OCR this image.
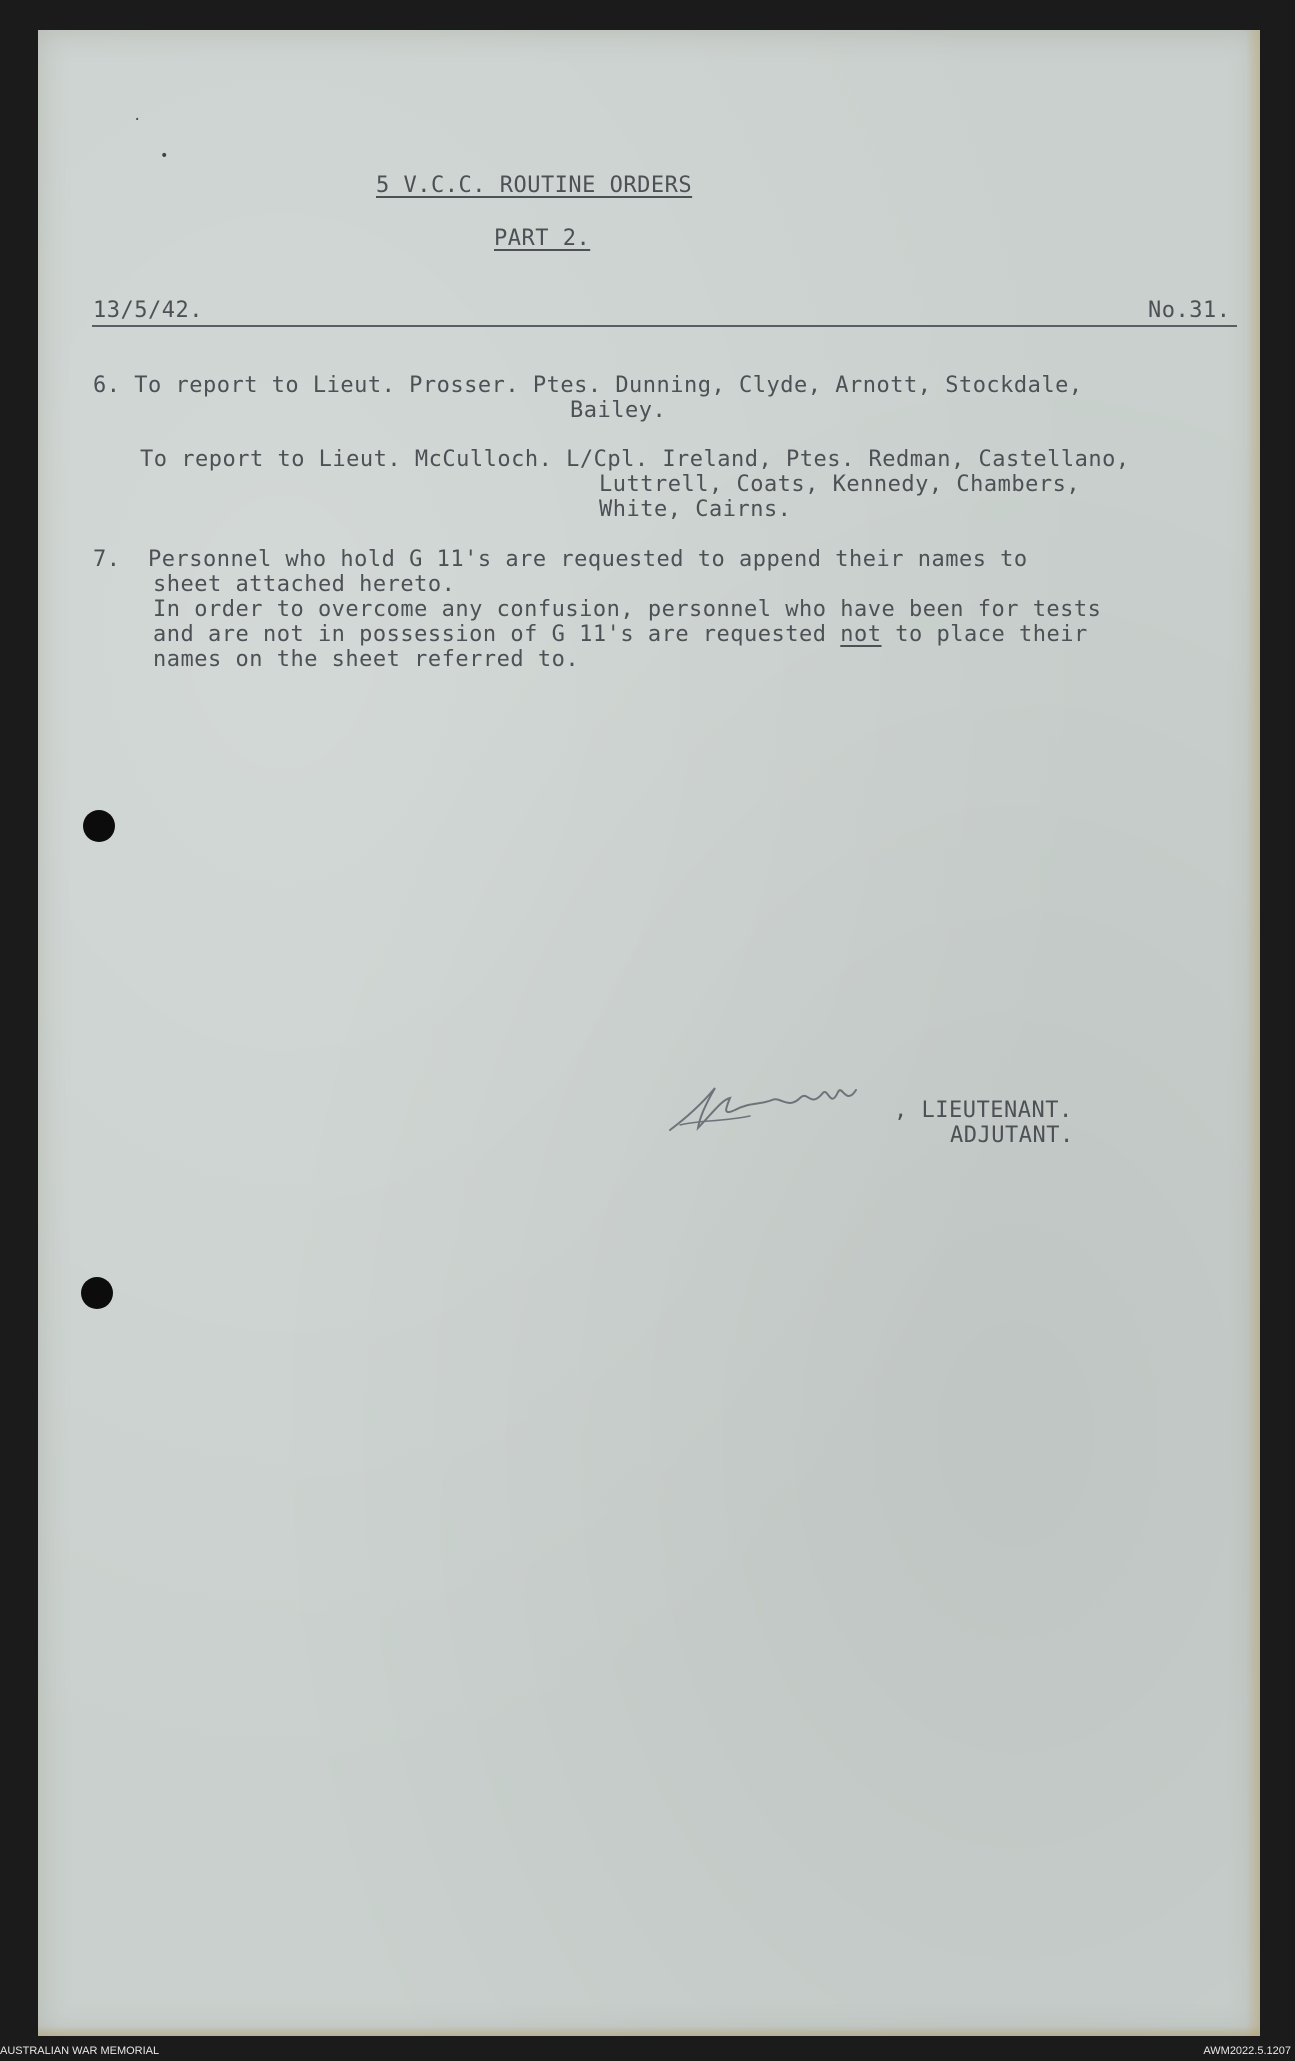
·
•
5 V.C.C. ROUTINE ORDERS
PART 2.
13/5/42.	No.31.
6. To report to Lieut. Prosser. Ptes. Dunning, Clyde, Arnott, Stockdale,
Bailey.
To report to Lieut. McCulloch. L/Cpl. Ireland, Ptes. Redman, Castellano,
Luttrell, Coats, Kennedy, Chambers,
White, Cairns.
7.  Personnel who hold G 11's are requested to append their names to
sheet attached hereto.
In order to overcome any confusion, personnel who have been for tests
and are not in possession of G 11's are requested not to place their
names on the sheet referred to.
, LIEUTENANT.
ADJUTANT.
AUSTRALIAN WAR MEMORIAL	AWM2022.5.1207
